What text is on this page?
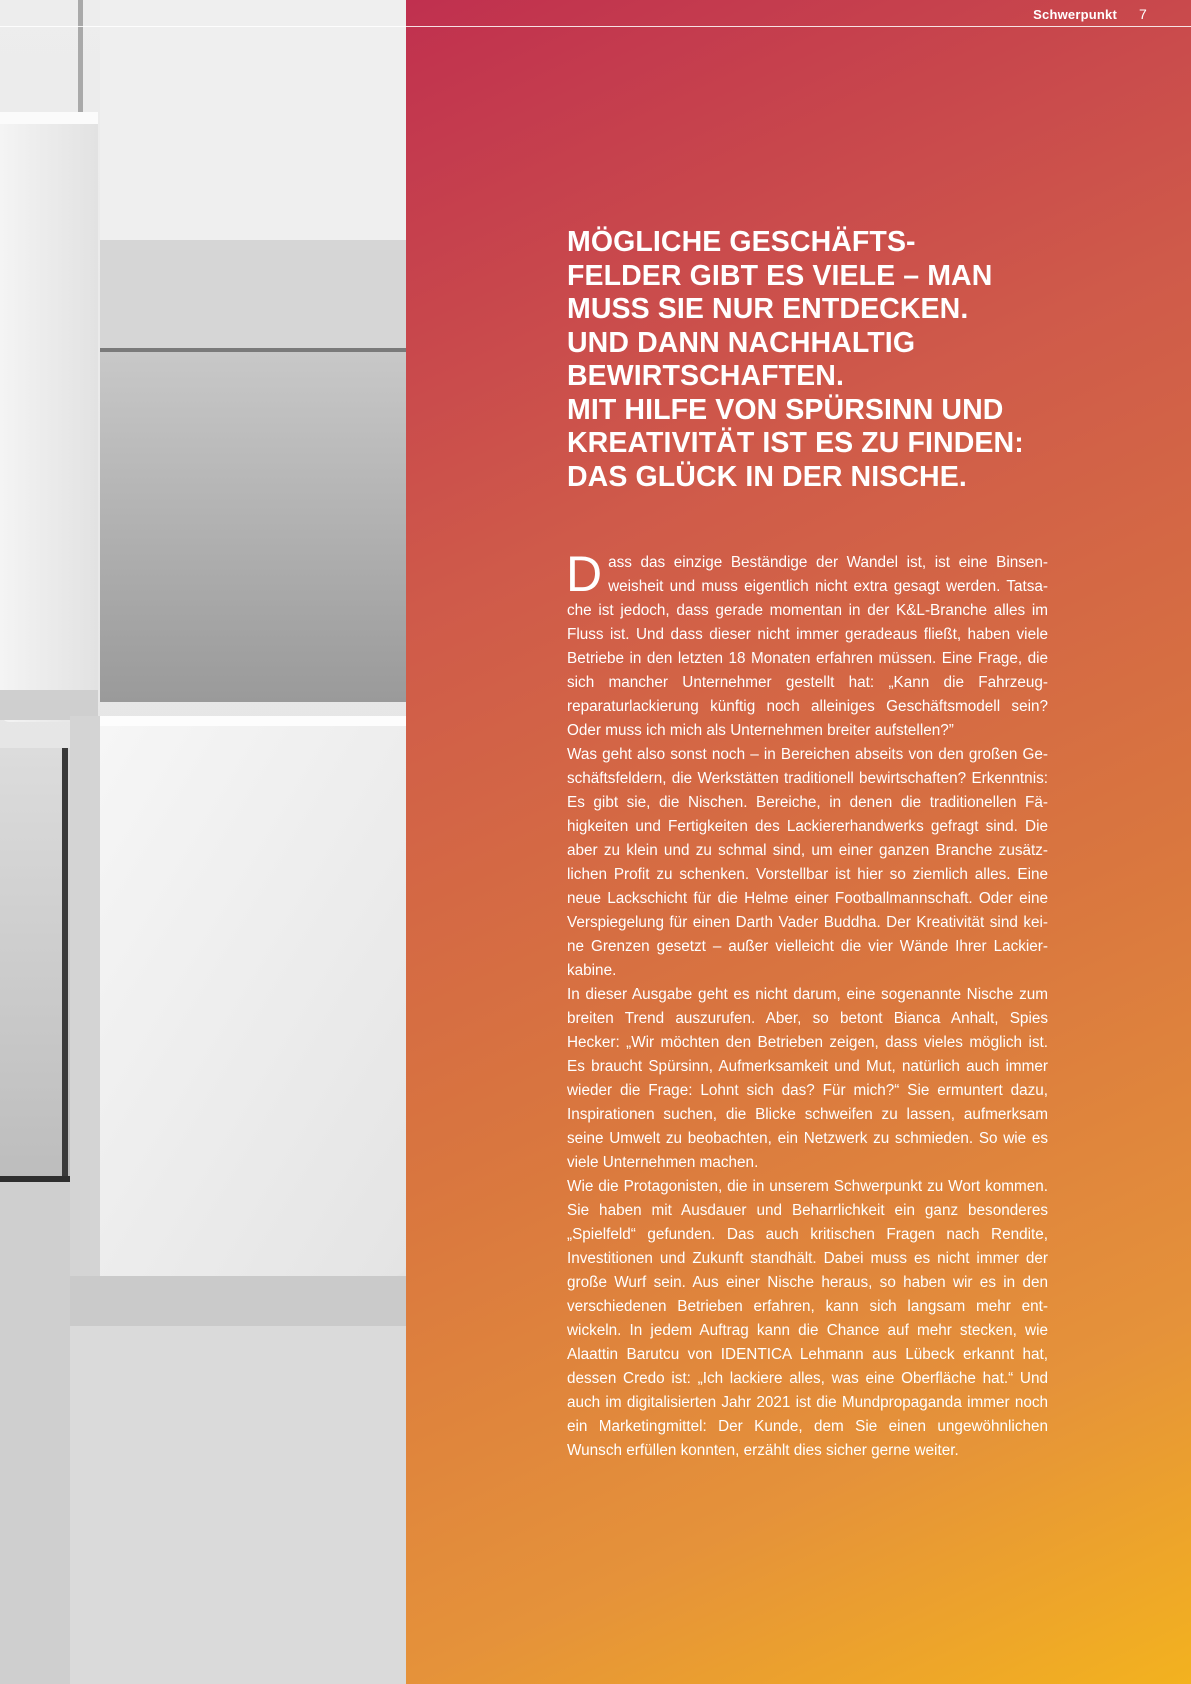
Schwerpunkt 7
MÖGLICHE GESCHÄFTS-
FELDER GIBT ES VIELE – MAN
MUSS SIE NUR ENTDECKEN.
UND DANN NACHHALTIG
BEWIRTSCHAFTEN.
MIT HILFE VON SPÜRSINN UND
KREATIVITÄT IST ES ZU FINDEN:
DAS GLÜCK IN DER NISCHE.

Dass das einzige Beständige der Wandel ist, ist eine Binsenweisheit und muss eigentlich nicht extra gesagt werden. Tatsache ist jedoch, dass gerade momentan in der K&L-Branche alles im Fluss ist. Und dass dieser nicht immer geradeaus fließt, haben viele Betriebe in den letzten 18 Monaten erfahren müssen. Eine Frage, die sich mancher Unternehmer gestellt hat: „Kann die Fahrzeugreparaturlackierung künftig noch alleiniges Geschäftsmodell sein? Oder muss ich mich als Unternehmen breiter aufstellen?”

Was geht also sonst noch – in Bereichen abseits von den großen Geschäftsfeldern, die Werkstätten traditionell bewirtschaften? Erkenntnis: Es gibt sie, die Nischen. Bereiche, in denen die traditionellen Fähigkeiten und Fertigkeiten des Lackiererhandwerks gefragt sind. Die aber zu klein und zu schmal sind, um einer ganzen Branche zusätzlichen Profit zu schenken. Vorstellbar ist hier so ziemlich alles. Eine neue Lackschicht für die Helme einer Footballmannschaft. Oder eine Verspiegelung für einen Darth Vader Buddha. Der Kreativität sind keine Grenzen gesetzt – außer vielleicht die vier Wände Ihrer Lackierkabine.

In dieser Ausgabe geht es nicht darum, eine sogenannte Nische zum breiten Trend auszurufen. Aber, so betont Bianca Anhalt, Spies Hecker: „Wir möchten den Betrieben zeigen, dass vieles möglich ist. Es braucht Spürsinn, Aufmerksamkeit und Mut, natürlich auch immer wieder die Frage: Lohnt sich das? Für mich?“ Sie ermuntert dazu, Inspirationen suchen, die Blicke schweifen zu lassen, aufmerksam seine Umwelt zu beobachten, ein Netzwerk zu schmieden. So wie es viele Unternehmen machen.

Wie die Protagonisten, die in unserem Schwerpunkt zu Wort kommen. Sie haben mit Ausdauer und Beharrlichkeit ein ganz besonderes „Spielfeld“ gefunden. Das auch kritischen Fragen nach Rendite, Investitionen und Zukunft standhält. Dabei muss es nicht immer der große Wurf sein. Aus einer Nische heraus, so haben wir es in den verschiedenen Betrieben erfahren, kann sich langsam mehr entwickeln. In jedem Auftrag kann die Chance auf mehr stecken, wie Alaattin Barutcu von IDENTICA Lehmann aus Lübeck erkannt hat, dessen Credo ist: „Ich lackiere alles, was eine Oberfläche hat.“ Und auch im digitalisierten Jahr 2021 ist die Mundpropaganda immer noch ein Marketingmittel: Der Kunde, dem Sie einen ungewöhnlichen Wunsch erfüllen konnten, erzählt dies sicher gerne weiter.
